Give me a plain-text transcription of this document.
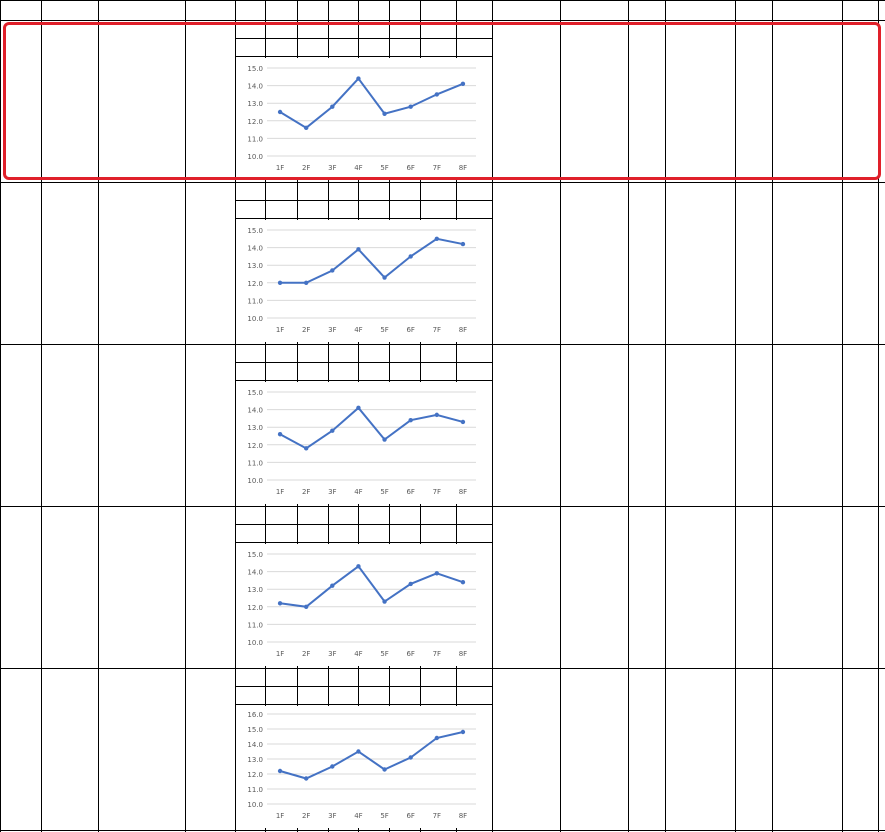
15.0
14.0
13.0
12.0
11.0
10.0
1F	2F	3F	4F	5F	6F	7F	8F
15.0
14.0
13.0
12.0
11.0
10.0
1F	2F	3F	4F	5F	6F	7F	8F
15.0
14.0
13.0
12.0
11.0
10.0
1F	2F	3F	4F	5F	6F	7F	8F
15.0
14.0
13.0
12.0
11.0
10.0
1F	2F	3F	4F	5F	6F	7F	8F
16.0
15.0
14.0
13.0
12.0
11.0
10.0
1F	2F	3F	4F	5F	6F	7F	8F
